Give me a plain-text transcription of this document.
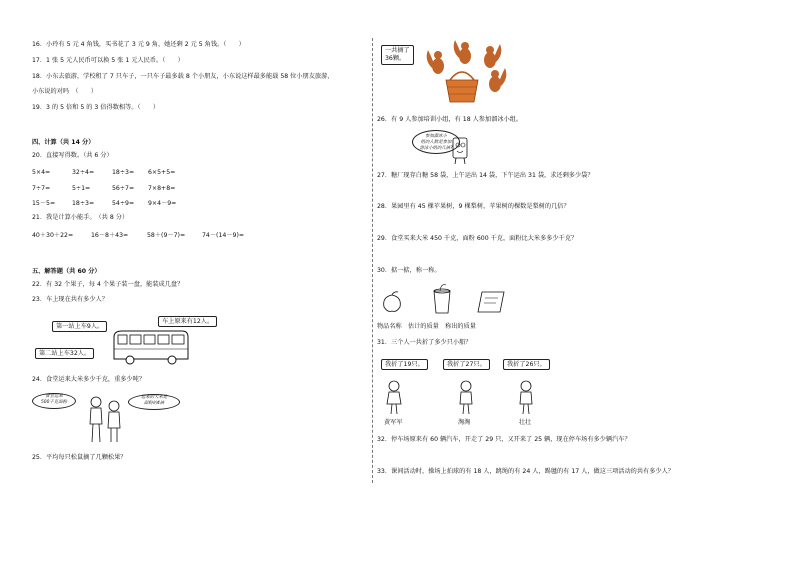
16．小玲有 5 元 4 角钱，买书花了 3 元 9 角，她还剩 2 元 5 角钱。（　　）
17．1 张 5 元人民币可以换 5 张 1 元人民币。（　　）
18．小东去旅游，学校租了 7 只车子，一只车子最多载 8 个小朋友，小东说这样最多能载 58 位小朋友旅游，
小东说的对吗　（　　）
19．3 的 5 倍和 5 的 3 倍得数相等。（　　）
四、计算（共 14 分）
20．直接写得数。（共 6 分）
5×4=	32÷4=	18÷3= 6×5+5=
7÷7=	5÷1=	56÷7= 7×8+8=
15－5=	18÷3=	54÷9= 9×4－9=
21．我是计算小能手。　（共 8 分）
40＋30＋22=	16－8＋43=	58＋(9－7)=	74－(14－9)=
五、解答题（共 60 分）
22．有 32 个果子，每 4 个果子装一盘，能装成几盘？
23．车上现在共有多少人？
第一站上车9人。
车上原来有12人。
第二站上车32人。
24．食堂运来大米多少千克，重多少吨？
食堂运来
500千克面粉
运来的大米是
面粉的4倍
25．平均每只松鼠摘了几颗松果？
一共摘了
36颗。
26．有 9 人参加培训小组，有 18 人参加溜冰小组。
参加溜冰小
组的人数是参加
游泳小组的几倍?
27．糖厂现存白糖 58 袋，上午运出 14 袋，下午运出 31 袋，求还剩多少袋？
28．果园里有 45 棵苹果树，9 棵梨树，苹果树的棵数是梨树的几倍？
29．食堂买来大米 450 千克，面粉 600 千克，面粉比大米多多少千克？
30．掂一掂，称一称。
物品名称　估计的质量　称出的质量
31．三个人一共折了多少只小船？
我折了19只。	我折了27只。	我折了26只。
黄军军	淘淘	壮壮
32．停车场原来有 60 辆汽车，开走了 29 只，又开来了 25 辆，现在停车场有多少辆汽车？
33．课间活动时，操场上拍球的有 18 人，跳绳的有 24 人，踢毽的有 17 人，做这三项活动的共有多少人？
